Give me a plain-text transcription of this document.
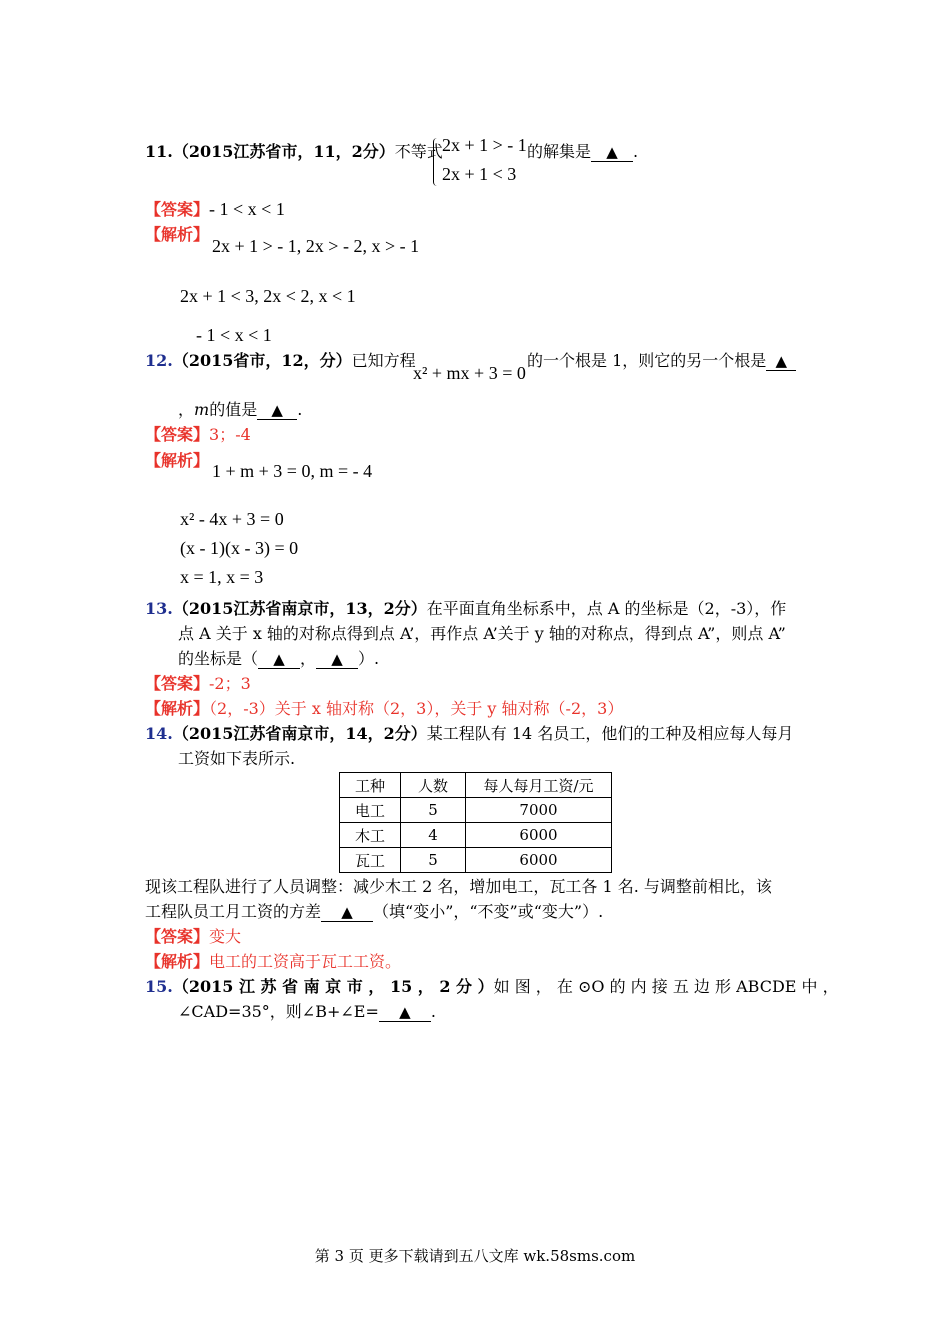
11.（2015江苏省市，11，2分）不等式 2x + 1 > - 1
2x + 1 < 3
的解集是 ▲ .
【答案】- 1 < x < 1
【解析】
2x + 1 > - 1, 2x > - 2, x > - 1
2x + 1 < 3, 2x < 2, x < 1
- 1 < x < 1
12.（2015省市，12，分）已知方程
x² + mx + 3 = 0
的一个根是 1，则它的另一个根是 ▲
，m的值是 ▲ .
【答案】3；-4
【解析】
1 + m + 3 = 0, m = - 4
x² - 4x + 3 = 0
(x - 1)(x - 3) = 0
x = 1, x = 3
13.（2015江苏省南京市，13，2分）在平面直角坐标系中，点 A 的坐标是（2，-3），作
点 A 关于 x 轴的对称点得到点 A’，再作点 A’关于 y 轴的对称点，得到点 A”，则点 A”
的坐标是（ ▲ ， ▲ ）.
【答案】-2；3
【解析】（2，-3）关于 x 轴对称（2，3），关于 y 轴对称（-2，3）
14.（2015江苏省南京市，14，2分）某工程队有 14 名员工，他们的工种及相应每人每月
工资如下表所示.
工种	人数	每人每月工资/元
电工	5	7000
木工	4	6000
瓦工	5	6000
现该工程队进行了人员调整：减少木工 2 名，增加电工，瓦工各 1 名. 与调整前相比，该
工程队员工月工资的方差 ▲ （填“变小”，“不变”或“变大”）.
【答案】变大
【解析】电工的工资高于瓦工工资。
15.（2015 江 苏 省 南 京 市 ， 15 ， 2 分 ）如 图 ， 在 ⊙O 的 内 接 五 边 形 ABCDE 中 ，
∠CAD=35°，则∠B+∠E= ▲ .
第 3 页 更多下载请到五八文库 wk.58sms.com
